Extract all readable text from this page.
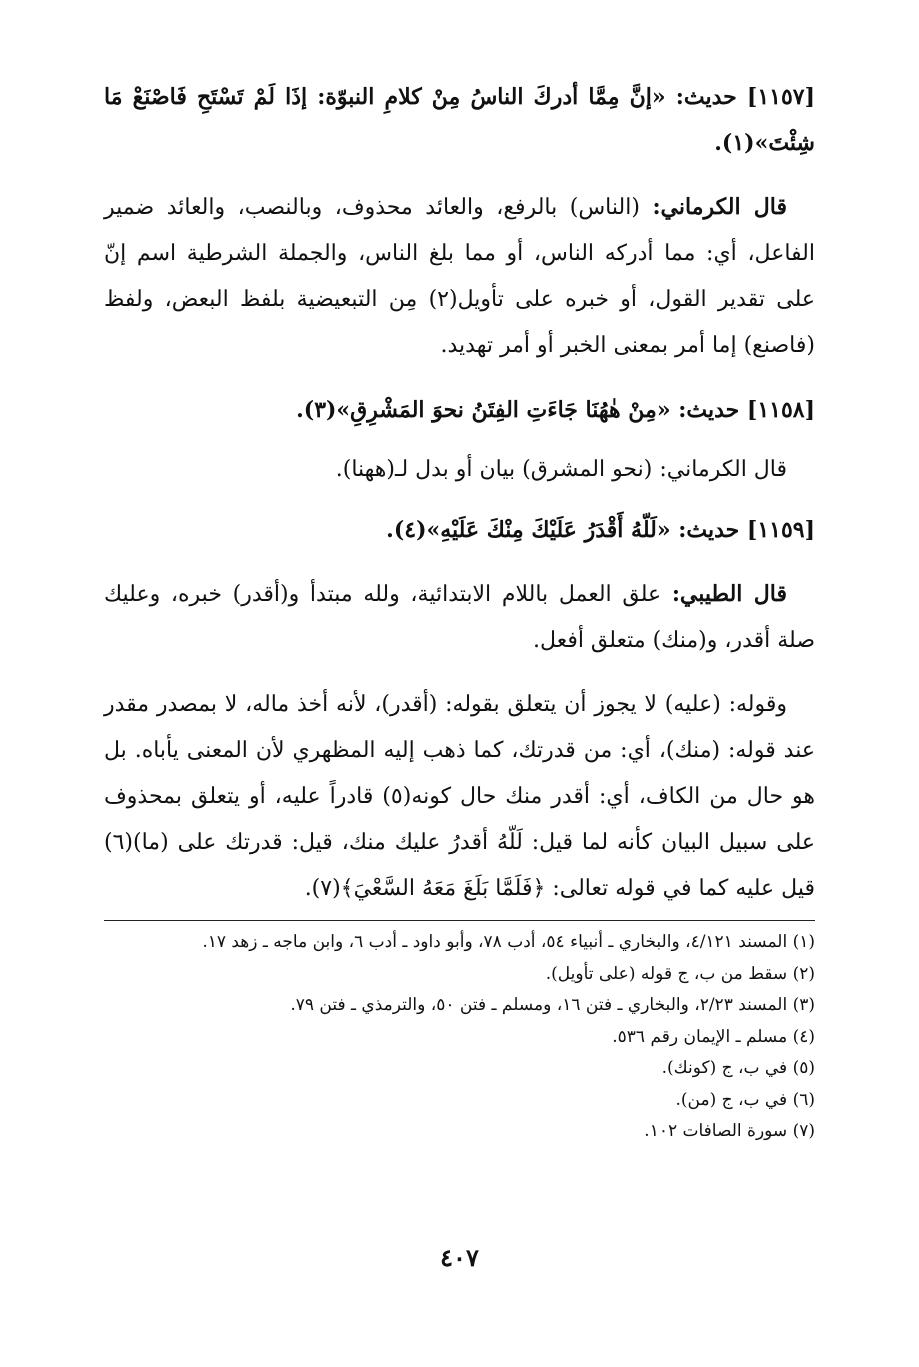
[١١٥٧] حديث: «إنَّ مِمَّا أدركَ الناسُ مِنْ كلامِ النبوّة: إذَا لَمْ تَسْتَحِ فَاصْنَعْ مَا شِئْتَ»(١).

قال الكرماني: (الناس) بالرفع، والعائد محذوف، وبالنصب، والعائد ضمير الفاعل، أي: مما أدركه الناس، أو مما بلغ الناس، والجملة الشرطية اسم إنّ على تقدير القول، أو خبره على تأويل(٢) مِن التبعيضية بلفظ البعض، ولفظ (فاصنع) إما أمر بمعنى الخبر أو أمر تهديد.

[١١٥٨] حديث: «مِنْ هٰهُنَا جَاءَتِ الفِتَنُ نحوَ المَشْرِقِ»(٣).

قال الكرماني: (نحو المشرق) بيان أو بدل لـ(ههنا).

[١١٥٩] حديث: «لَلّهُ أَقْدَرُ عَلَيْكَ مِنْكَ عَلَيْهِ»(٤).

قال الطيبي: علق العمل باللام الابتدائية، ولله مبتدأ و(أقدر) خبره، وعليك صلة أقدر، و(منك) متعلق أفعل.

وقوله: (عليه) لا يجوز أن يتعلق بقوله: (أقدر)، لأنه أخذ ماله، لا بمصدر مقدر عند قوله: (منك)، أي: من قدرتك، كما ذهب إليه المظهري لأن المعنى يأباه. بل هو حال من الكاف، أي: أقدر منك حال كونه(٥) قادراً عليه، أو يتعلق بمحذوف على سبيل البيان كأنه لما قيل: لَلّهُ أقدرُ عليك منك، قيل: قدرتك على (ما)(٦) قيل عليه كما في قوله تعالى: ﴿فَلَمَّا بَلَغَ مَعَهُ السَّعْيَ﴾(٧).

(١) المسند ٤/١٢١، والبخاري ـ أنبياء ٥٤، أدب ٧٨، وأبو داود ـ أدب ٦، وابن ماجه ـ زهد ١٧.

(٢) سقط من ب، ج قوله (على تأويل).

(٣) المسند ٢/٢٣، والبخاري ـ فتن ١٦، ومسلم ـ فتن ٥٠، والترمذي ـ فتن ٧٩.

(٤) مسلم ـ الإيمان رقم ٥٣٦.

(٥) في ب، ج (كونك).

(٦) في ب، ج (من).

(٧) سورة الصافات ١٠٢.

٤٠٧
